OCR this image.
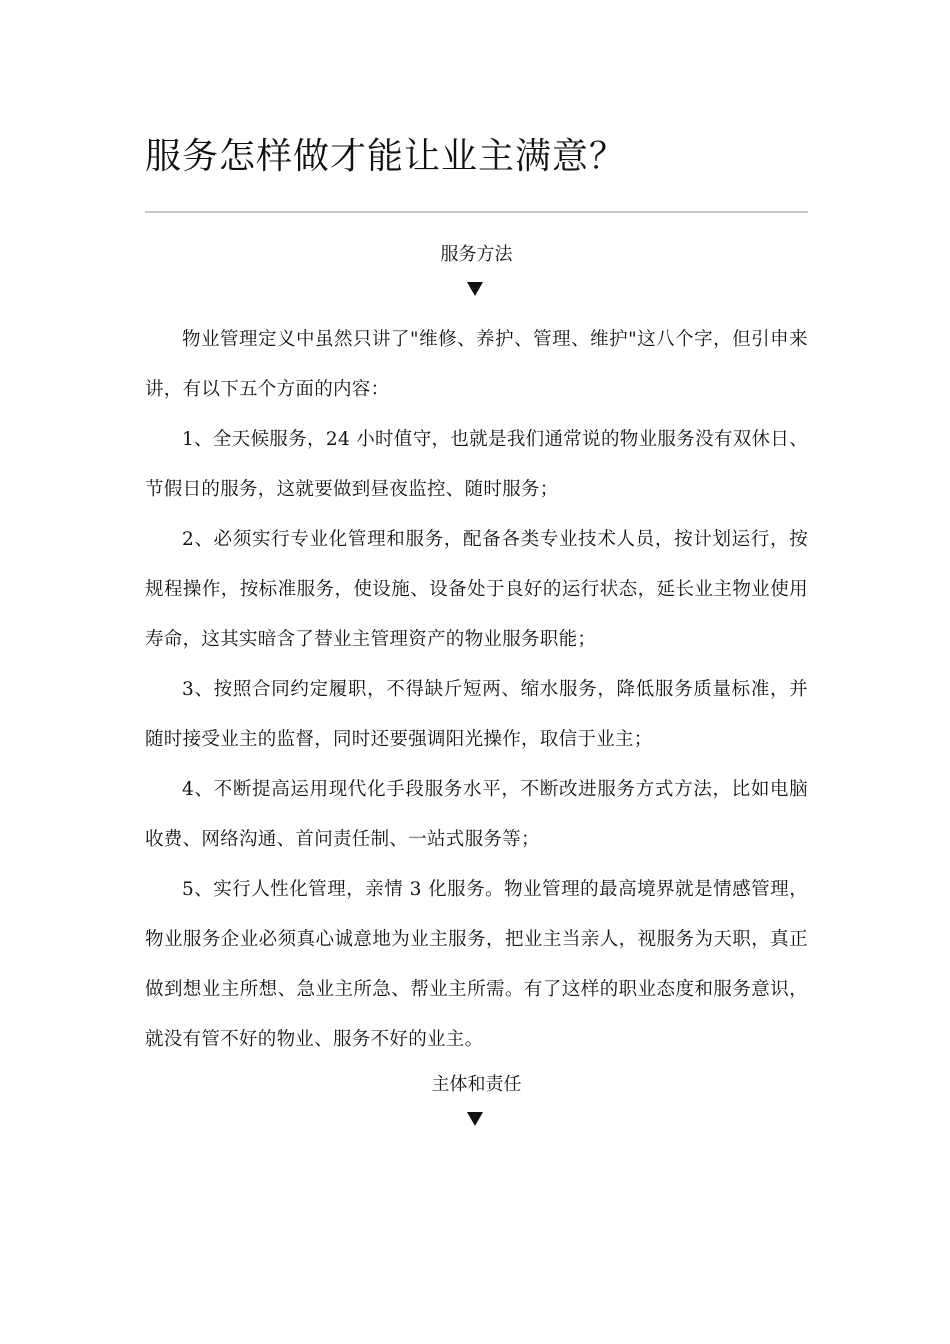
服务怎样做才能让业主满意？

服务方法

物业管理定义中虽然只讲了"维修、养护、管理、维护"这八个字，但引申来讲，有以下五个方面的内容：

1、全天候服务，24 小时值守，也就是我们通常说的物业服务没有双休日、节假日的服务，这就要做到昼夜监控、随时服务；

2、必须实行专业化管理和服务，配备各类专业技术人员，按计划运行，按规程操作，按标准服务，使设施、设备处于良好的运行状态，延长业主物业使用寿命，这其实暗含了替业主管理资产的物业服务职能；

3、按照合同约定履职，不得缺斤短两、缩水服务，降低服务质量标准，并随时接受业主的监督，同时还要强调阳光操作，取信于业主；

4、不断提高运用现代化手段服务水平，不断改进服务方式方法，比如电脑收费、网络沟通、首问责任制、一站式服务等；

5、实行人性化管理，亲情 3 化服务。物业管理的最高境界就是情感管理，物业服务企业必须真心诚意地为业主服务，把业主当亲人，视服务为天职，真正做到想业主所想、急业主所急、帮业主所需。有了这样的职业态度和服务意识，就没有管不好的物业、服务不好的业主。

主体和责任
